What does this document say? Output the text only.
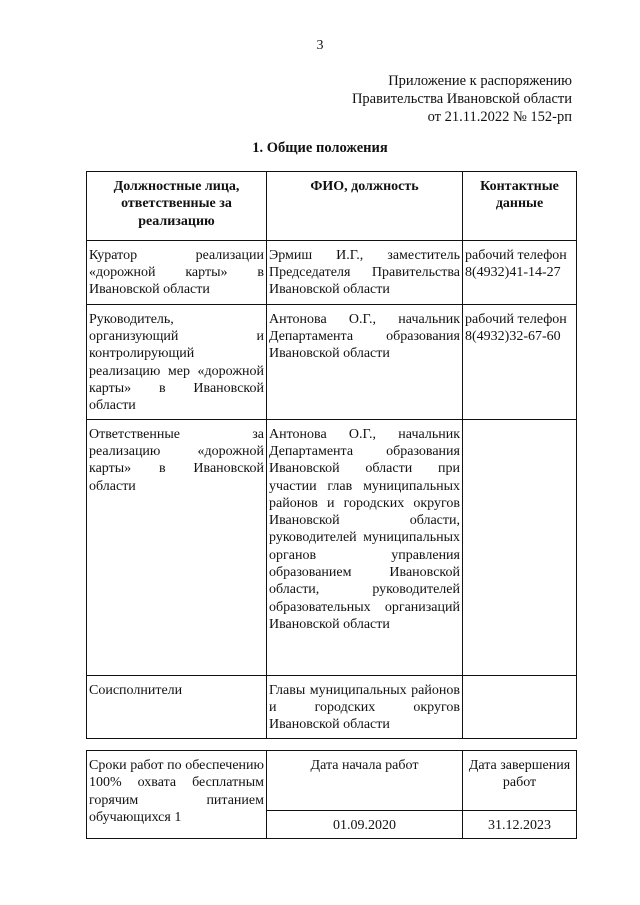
3
Приложение к распоряжению
Правительства Ивановской области
от 21.11.2022 № 152-рп
1. Общие положения
Должностные лица, ответственные за реализацию	ФИО, должность	Контактные данные
Куратор реализации «дорожной карты» в Ивановской области	Эрмиш И.Г., заместитель Председателя Правительства Ивановской области	рабочий телефон 8(4932)41-14-27
Руководитель, организующий и контролирующий реализацию мер «дорожной карты» в Ивановской области	Антонова О.Г., начальник Департамента образования Ивановской области	рабочий телефон 8(4932)32-67-60
Ответственные за реализацию «дорожной карты» в Ивановской области	Антонова О.Г., начальник Департамента образования Ивановской области при участии глав муниципальных районов и городских округов Ивановской области, руководителей муниципальных органов управления образованием Ивановской области, руководителей образовательных организаций Ивановской области	
Соисполнители	Главы муниципальных районов и городских округов Ивановской области	
Сроки работ по обеспечению 100% охвата бесплатным горячим питанием обучающихся 1	Дата начала работ	Дата завершения работ
	01.09.2020	31.12.2023
